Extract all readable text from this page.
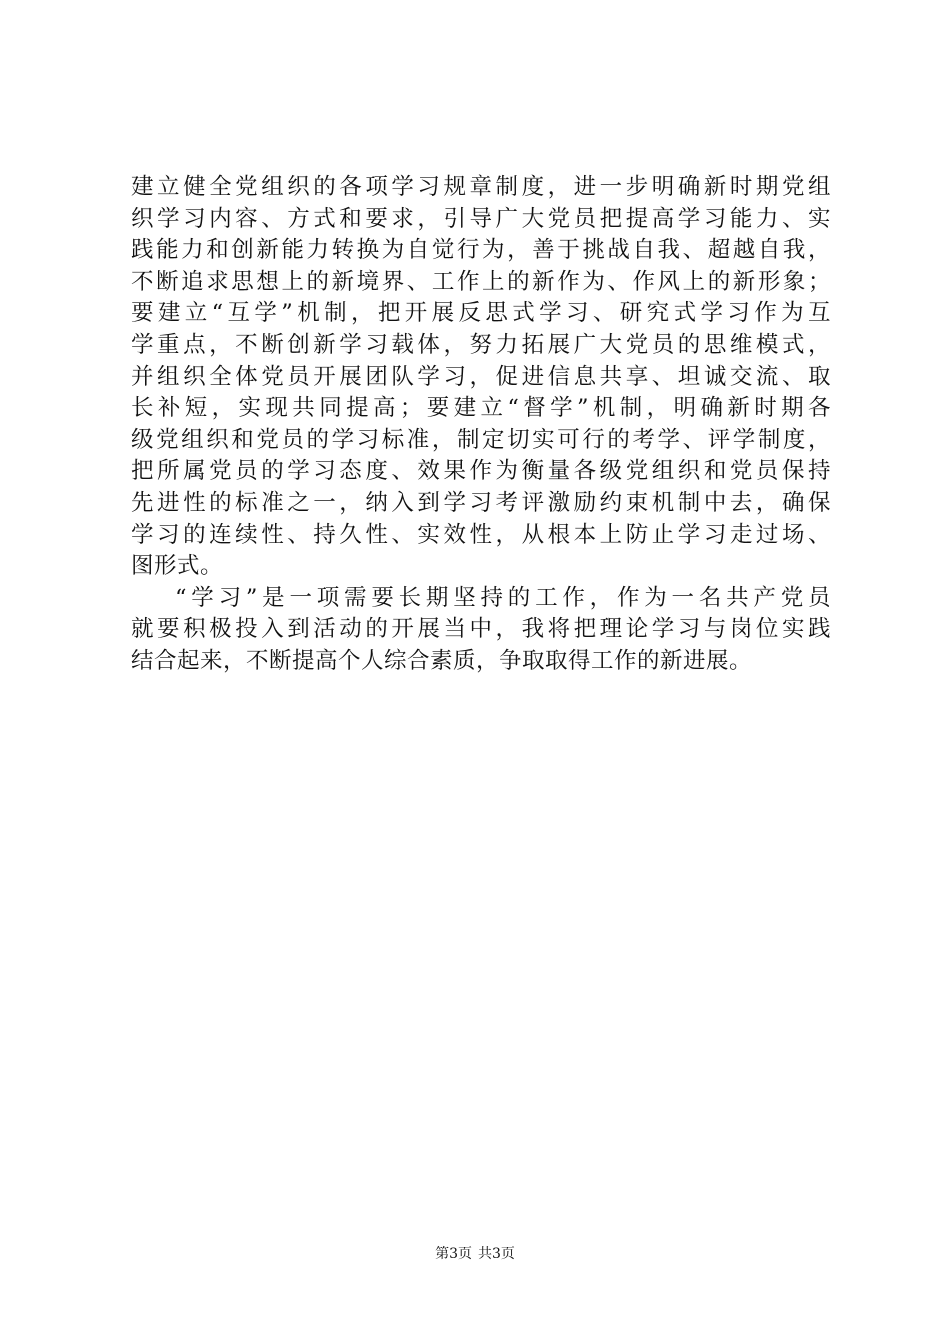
建立健全党组织的各项学习规章制度，进一步明确新时期党组
织学习内容、方式和要求，引导广大党员把提高学习能力、实
践能力和创新能力转换为自觉行为，善于挑战自我、超越自我，
不断追求思想上的新境界、工作上的新作为、作风上的新形象；
要建立“互学”机制，把开展反思式学习、研究式学习作为互
学重点，不断创新学习载体，努力拓展广大党员的思维模式，
并组织全体党员开展团队学习，促进信息共享、坦诚交流、取
长补短，实现共同提高；要建立“督学”机制，明确新时期各
级党组织和党员的学习标准，制定切实可行的考学、评学制度，
把所属党员的学习态度、效果作为衡量各级党组织和党员保持
先进性的标准之一，纳入到学习考评激励约束机制中去，确保
学习的连续性、持久性、实效性，从根本上防止学习走过场、
图形式。
“学习”是一项需要长期坚持的工作，作为一名共产党员
就要积极投入到活动的开展当中，我将把理论学习与岗位实践
结合起来，不断提高个人综合素质，争取取得工作的新进展。
第3页 共3页
